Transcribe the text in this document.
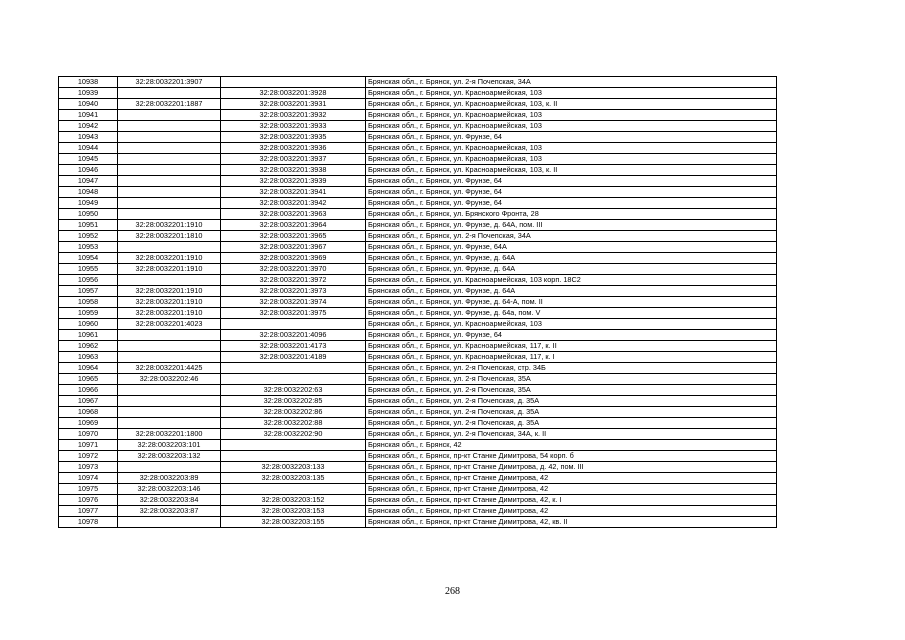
10938	32:28:0032201:3907		Брянская обл., г. Брянск, ул. 2-я Почепская, 34А
10939		32:28:0032201:3928	Брянская обл., г. Брянск, ул. Красноармейская, 103
10940	32:28:0032201:1887	32:28:0032201:3931	Брянская обл., г. Брянск, ул. Красноармейская, 103, к. II
10941		32:28:0032201:3932	Брянская обл., г. Брянск, ул. Красноармейская, 103
10942		32:28:0032201:3933	Брянская обл., г. Брянск, ул. Красноармейская, 103
10943		32:28:0032201:3935	Брянская обл., г. Брянск, ул. Фрунзе, 64
10944		32:28:0032201:3936	Брянская обл., г. Брянск, ул. Красноармейская, 103
10945		32:28:0032201:3937	Брянская обл., г. Брянск, ул. Красноармейская, 103
10946		32:28:0032201:3938	Брянская обл., г. Брянск, ул. Красноармейская, 103, к. II
10947		32:28:0032201:3939	Брянская обл., г. Брянск, ул. Фрунзе, 64
10948		32:28:0032201:3941	Брянская обл., г. Брянск, ул. Фрунзе, 64
10949		32:28:0032201:3942	Брянская обл., г. Брянск, ул. Фрунзе, 64
10950		32:28:0032201:3963	Брянская обл., г. Брянск, ул. Брянского Фронта, 28
10951	32:28:0032201:1910	32:28:0032201:3964	Брянская обл., г. Брянск, ул. Фрунзе, д. 64А, пом. III
10952	32:28:0032201:1810	32:28:0032201:3965	Брянская обл., г. Брянск, ул. 2-я Почепская, 34А
10953		32:28:0032201:3967	Брянская обл., г. Брянск, ул. Фрунзе, 64А
10954	32:28:0032201:1910	32:28:0032201:3969	Брянская обл., г. Брянск, ул. Фрунзе, д. 64А
10955	32:28:0032201:1910	32:28:0032201:3970	Брянская обл., г. Брянск, ул. Фрунзе, д. 64А
10956		32:28:0032201:3972	Брянская обл., г. Брянск, ул. Красноармейская, 103 корп. 18С2
10957	32:28:0032201:1910	32:28:0032201:3973	Брянская обл., г. Брянск, ул. Фрунзе, д. 64А
10958	32:28:0032201:1910	32:28:0032201:3974	Брянская обл., г. Брянск, ул. Фрунзе, д. 64-А, пом. II
10959	32:28:0032201:1910	32:28:0032201:3975	Брянская обл., г. Брянск, ул. Фрунзе, д. 64а, пом. V
10960	32:28:0032201:4023		Брянская обл., г. Брянск, ул. Красноармейская, 103
10961		32:28:0032201:4096	Брянская обл., г. Брянск, ул. Фрунзе, 64
10962		32:28:0032201:4173	Брянская обл., г. Брянск, ул. Красноармейская, 117, к. II
10963		32:28:0032201:4189	Брянская обл., г. Брянск, ул. Красноармейская, 117, к. I
10964	32:28:0032201:4425		Брянская обл., г. Брянск, ул. 2-я Почепская, стр. 34Б
10965	32:28:0032202:46		Брянская обл., г. Брянск, ул. 2-я Почепская, 35А
10966		32:28:0032202:63	Брянская обл., г. Брянск, ул. 2-я Почепская, 35А
10967		32:28:0032202:85	Брянская обл., г. Брянск, ул. 2-я Почепская, д. 35А
10968		32:28:0032202:86	Брянская обл., г. Брянск, ул. 2-я Почепская, д. 35А
10969		32:28:0032202:88	Брянская обл., г. Брянск, ул. 2-я Почепская, д. 35А
10970	32:28:0032201:1800	32:28:0032202:90	Брянская обл., г. Брянск, ул. 2-я Почепская, 34А, к. II
10971	32:28:0032203:101		Брянская обл., г. Брянск, 42
10972	32:28:0032203:132		Брянская обл., г. Брянск, пр-кт Станке Димитрова, 54 корп. б
10973		32:28:0032203:133	Брянская обл., г. Брянск, пр-кт Станке Димитрова, д. 42, пом. III
10974	32:28:0032203:89	32:28:0032203:135	Брянская обл., г. Брянск, пр-кт Станке Димитрова, 42
10975	32:28:0032203:146		Брянская обл., г. Брянск, пр-кт Станке Димитрова, 42
10976	32:28:0032203:84	32:28:0032203:152	Брянская обл., г. Брянск, пр-кт Станке Димитрова, 42, к. I
10977	32:28:0032203:87	32:28:0032203:153	Брянская обл., г. Брянск, пр-кт Станке Димитрова, 42
10978		32:28:0032203:155	Брянская обл., г. Брянск, пр-кт Станке Димитрова, 42, кв. II
268
